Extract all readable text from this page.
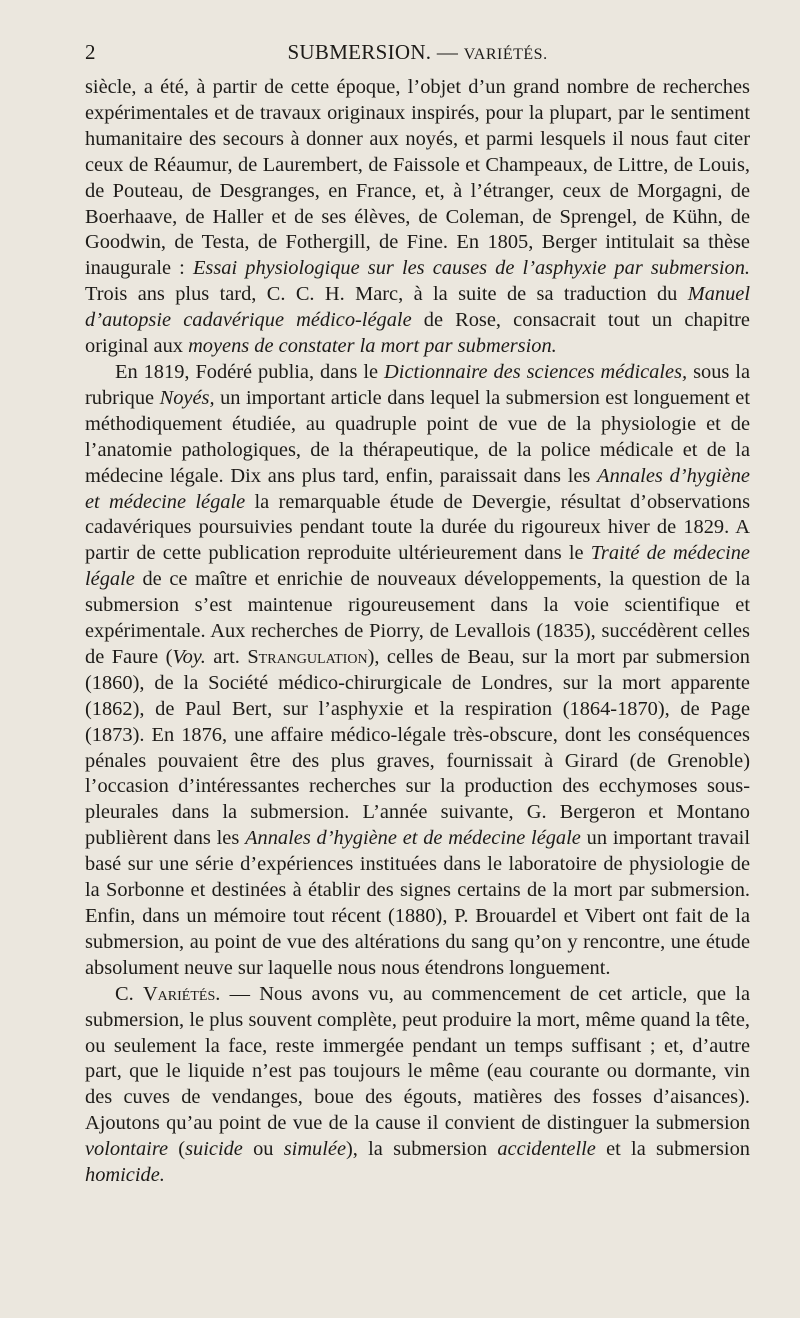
2	SUBMERSION. — VARIÉTÉS.

siècle, a été, à partir de cette époque, l’objet d’un grand nombre de recherches expérimentales et de travaux originaux inspirés, pour la plupart, par le sentiment humanitaire des secours à donner aux noyés, et parmi lesquels il nous faut citer ceux de Réaumur, de Laurembert, de Faissole et Champeaux, de Littre, de Louis, de Pouteau, de Desgranges, en France, et, à l’étranger, ceux de Morgagni, de Boerhaave, de Haller et de ses élèves, de Coleman, de Sprengel, de Kühn, de Goodwin, de Testa, de Fothergill, de Fine. En 1805, Berger intitulait sa thèse inaugurale : Essai physiologique sur les causes de l’asphyxie par submersion. Trois ans plus tard, C. C. H. Marc, à la suite de sa traduction du Manuel d’autopsie cadavérique médico-légale de Rose, consacrait tout un chapitre original aux moyens de constater la mort par submersion.

En 1819, Fodéré publia, dans le Dictionnaire des sciences médicales, sous la rubrique Noyés, un important article dans lequel la submersion est longuement et méthodiquement étudiée, au quadruple point de vue de la physiologie et de l’anatomie pathologiques, de la thérapeutique, de la police médicale et de la médecine légale. Dix ans plus tard, enfin, paraissait dans les Annales d’hygiène et médecine légale la remarquable étude de Devergie, résultat d’observations cadavériques poursuivies pendant toute la durée du rigoureux hiver de 1829. A partir de cette publication reproduite ultérieurement dans le Traité de médecine légale de ce maître et enrichie de nouveaux développements, la question de la submersion s’est maintenue rigoureusement dans la voie scientifique et expérimentale. Aux recherches de Piorry, de Levallois (1835), succédèrent celles de Faure (Voy. art. Strangulation), celles de Beau, sur la mort par submersion (1860), de la Société médico-chirurgicale de Londres, sur la mort apparente (1862), de Paul Bert, sur l’asphyxie et la respiration (1864-1870), de Page (1873). En 1876, une affaire médico-légale très-obscure, dont les conséquences pénales pouvaient être des plus graves, fournissait à Girard (de Grenoble) l’occasion d’intéressantes recherches sur la production des ecchymoses sous-pleurales dans la submersion. L’année suivante, G. Bergeron et Montano publièrent dans les Annales d’hygiène et de médecine légale un important travail basé sur une série d’expériences instituées dans le laboratoire de physiologie de la Sorbonne et destinées à établir des signes certains de la mort par submersion. Enfin, dans un mémoire tout récent (1880), P. Brouardel et Vibert ont fait de la submersion, au point de vue des altérations du sang qu’on y rencontre, une étude absolument neuve sur laquelle nous nous étendrons longuement.

C. Variétés. — Nous avons vu, au commencement de cet article, que la submersion, le plus souvent complète, peut produire la mort, même quand la tête, ou seulement la face, reste immergée pendant un temps suffisant ; et, d’autre part, que le liquide n’est pas toujours le même (eau courante ou dormante, vin des cuves de vendanges, boue des égouts, matières des fosses d’aisances). Ajoutons qu’au point de vue de la cause il convient de distinguer la submersion volontaire (suicide ou simulée), la submersion accidentelle et la submersion homicide.
